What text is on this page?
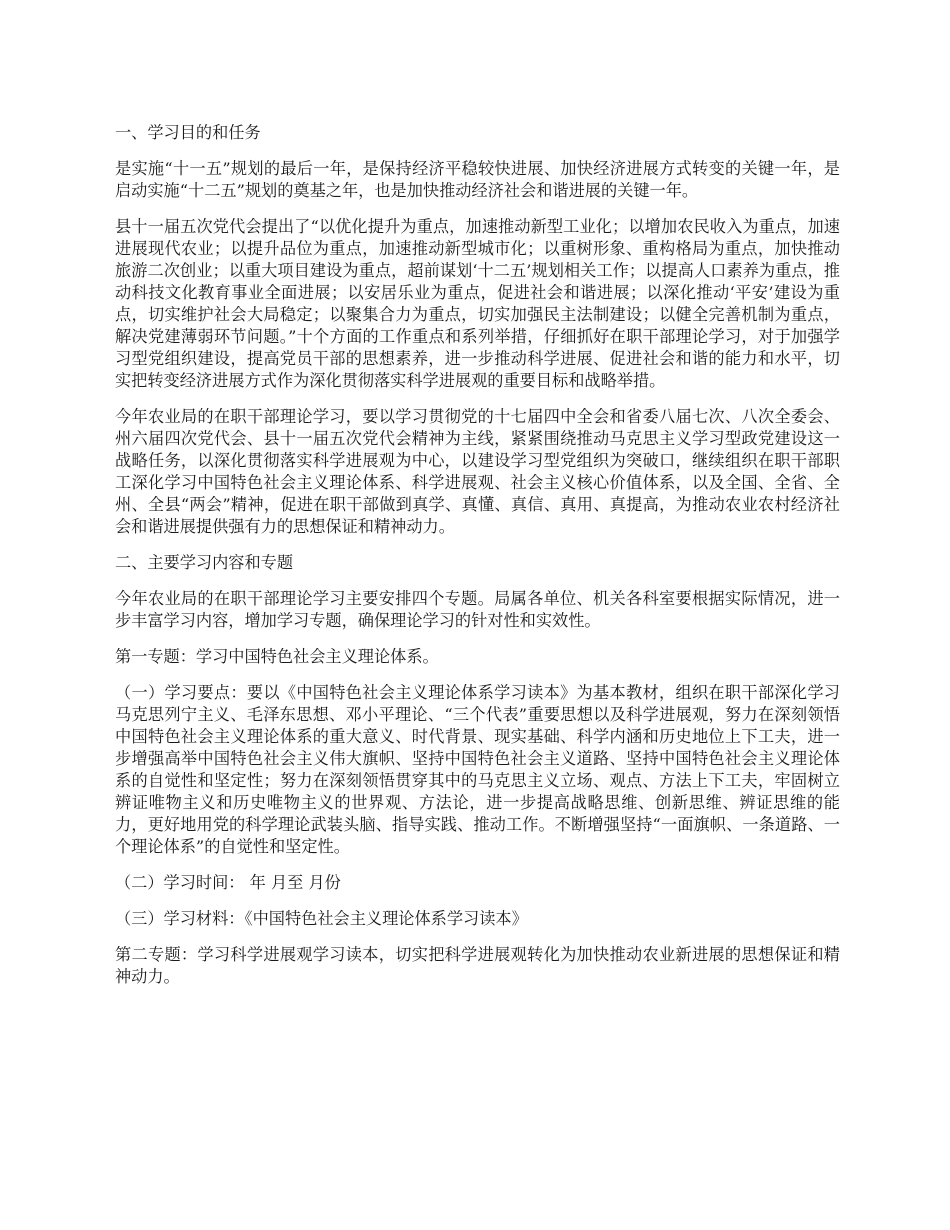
一、学习目的和任务
是实施“十一五”规划的最后一年，是保持经济平稳较快进展、加快经济进展方式转变的关键一年，是启动实施“十二五”规划的奠基之年，也是加快推动经济社会和谐进展的关键一年。
县十一届五次党代会提出了“以优化提升为重点，加速推动新型工业化；以增加农民收入为重点，加速进展现代农业；以提升品位为重点，加速推动新型城市化；以重树形象、重构格局为重点，加快推动旅游二次创业；以重大项目建设为重点，超前谋划‘十二五’规划相关工作；以提高人口素养为重点，推动科技文化教育事业全面进展；以安居乐业为重点，促进社会和谐进展；以深化推动‘平安’建设为重点，切实维护社会大局稳定；以聚集合力为重点，切实加强民主法制建设；以健全完善机制为重点，解决党建薄弱环节问题。”十个方面的工作重点和系列举措，仔细抓好在职干部理论学习，对于加强学习型党组织建设，提高党员干部的思想素养，进一步推动科学进展、促进社会和谐的能力和水平，切实把转变经济进展方式作为深化贯彻落实科学进展观的重要目标和战略举措。
今年农业局的在职干部理论学习，要以学习贯彻党的十七届四中全会和省委八届七次、八次全委会、州六届四次党代会、县十一届五次党代会精神为主线，紧紧围绕推动马克思主义学习型政党建设这一战略任务，以深化贯彻落实科学进展观为中心，以建设学习型党组织为突破口，继续组织在职干部职工深化学习中国特色社会主义理论体系、科学进展观、社会主义核心价值体系，以及全国、全省、全州、全县“两会”精神，促进在职干部做到真学、真懂、真信、真用、真提高，为推动农业农村经济社会和谐进展提供强有力的思想保证和精神动力。
二、主要学习内容和专题
今年农业局的在职干部理论学习主要安排四个专题。局属各单位、机关各科室要根据实际情况，进一步丰富学习内容，增加学习专题，确保理论学习的针对性和实效性。
第一专题：学习中国特色社会主义理论体系。
（一）学习要点：要以《中国特色社会主义理论体系学习读本》为基本教材，组织在职干部深化学习马克思列宁主义、毛泽东思想、邓小平理论、“三个代表”重要思想以及科学进展观，努力在深刻领悟中国特色社会主义理论体系的重大意义、时代背景、现实基础、科学内涵和历史地位上下工夫，进一步增强高举中国特色社会主义伟大旗帜、坚持中国特色社会主义道路、坚持中国特色社会主义理论体系的自觉性和坚定性；努力在深刻领悟贯穿其中的马克思主义立场、观点、方法上下工夫，牢固树立辨证唯物主义和历史唯物主义的世界观、方法论，进一步提高战略思维、创新思维、辨证思维的能力，更好地用党的科学理论武装头脑、指导实践、推动工作。不断增强坚持“一面旗帜、一条道路、一个理论体系”的自觉性和坚定性。
（二）学习时间： 年 月至 月份
（三）学习材料：《中国特色社会主义理论体系学习读本》
第二专题：学习科学进展观学习读本，切实把科学进展观转化为加快推动农业新进展的思想保证和精神动力。
